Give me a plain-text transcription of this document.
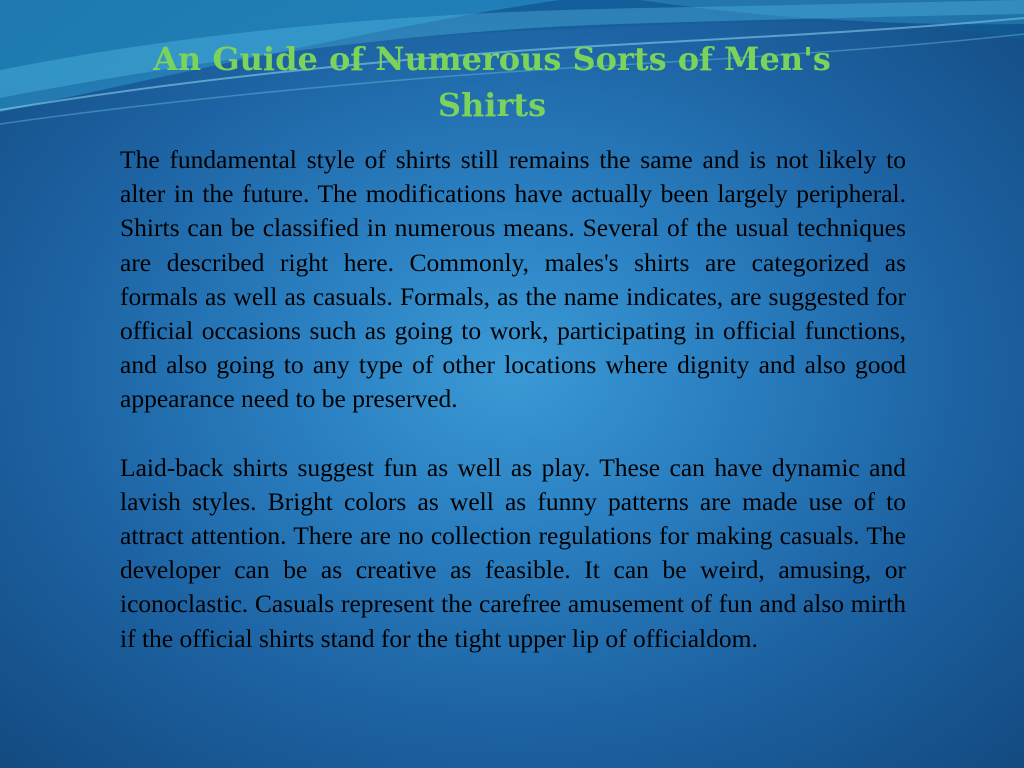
An Guide of Numerous Sorts of Men's Shirts

The fundamental style of shirts still remains the same and is not likely to alter in the future. The modifications have actually been largely peripheral. Shirts can be classified in numerous means. Several of the usual techniques are described right here. Commonly, males's shirts are categorized as formals as well as casuals. Formals, as the name indicates, are suggested for official occasions such as going to work, participating in official functions, and also going to any type of other locations where dignity and also good appearance need to be preserved.

Laid-back shirts suggest fun as well as play. These can have dynamic and lavish styles. Bright colors as well as funny patterns are made use of to attract attention. There are no collection regulations for making casuals. The developer can be as creative as feasible. It can be weird, amusing, or iconoclastic. Casuals represent the carefree amusement of fun and also mirth if the official shirts stand for the tight upper lip of officialdom.
